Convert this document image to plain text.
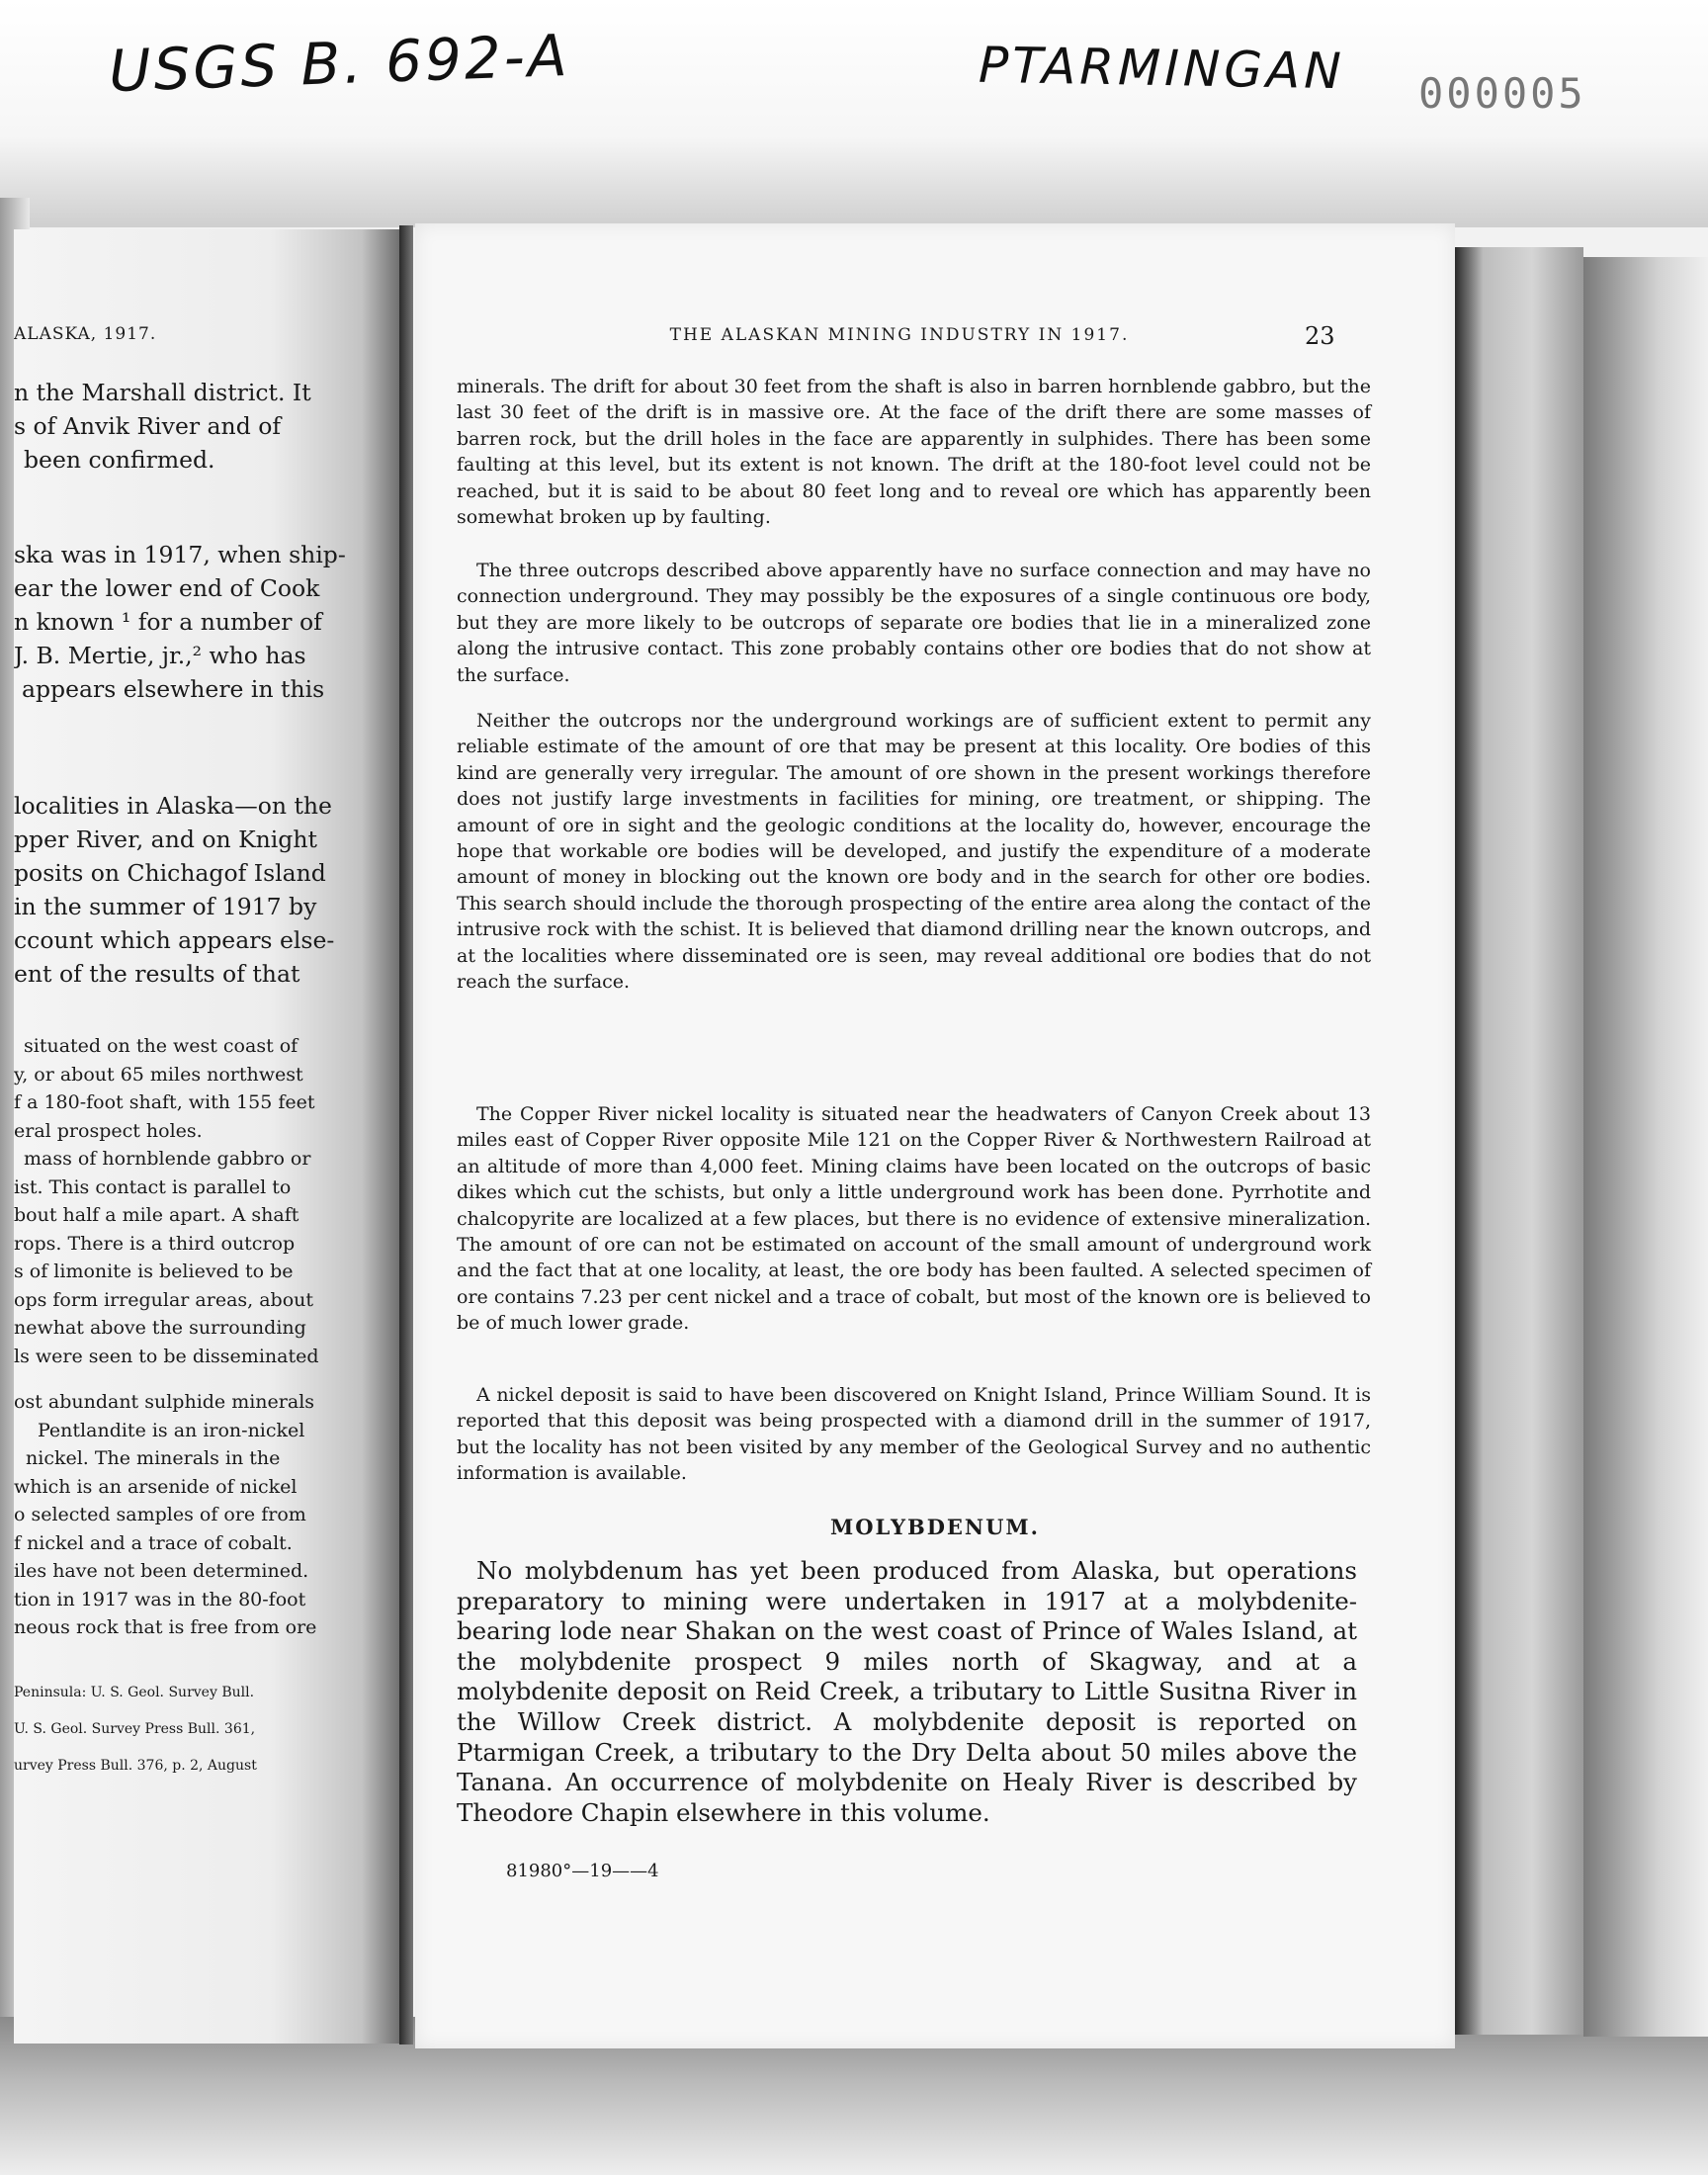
USGS B. 692-A	PTARMINGAN 000005
ALASKA, 1917.
n the Marshall district. It
s of Anvik River and of
been confirmed.
ska was in 1917, when ship-
ear the lower end of Cook
n known ¹ for a number of
J. B. Mertie, jr.,² who has
appears elsewhere in this
localities in Alaska—on the
pper River, and on Knight
posits on Chichagof Island
in the summer of 1917 by
ccount which appears else-
ent of the results of that
situated on the west coast of
y, or about 65 miles northwest
f a 180-foot shaft, with 155 feet
eral prospect holes.
mass of hornblende gabbro or
ist. This contact is parallel to
bout half a mile apart. A shaft
rops. There is a third outcrop
s of limonite is believed to be
ops form irregular areas, about
newhat above the surrounding
ls were seen to be disseminated
ost abundant sulphide minerals
Pentlandite is an iron-nickel
nickel. The minerals in the
which is an arsenide of nickel
o selected samples of ore from
f nickel and a trace of cobalt.
iles have not been determined.
tion in 1917 was in the 80-foot
neous rock that is free from ore
Peninsula: U. S. Geol. Survey Bull.
U. S. Geol. Survey Press Bull. 361,
urvey Press Bull. 376, p. 2, August
THE ALASKAN MINING INDUSTRY IN 1917.	23

minerals. The drift for about 30 feet from the shaft is also in barren hornblende gabbro, but the last 30 feet of the drift is in massive ore. At the face of the drift there are some masses of barren rock, but the drill holes in the face are apparently in sulphides. There has been some faulting at this level, but its extent is not known. The drift at the 180-foot level could not be reached, but it is said to be about 80 feet long and to reveal ore which has apparently been somewhat broken up by faulting.

The three outcrops described above apparently have no surface connection and may have no connection underground. They may possibly be the exposures of a single continuous ore body, but they are more likely to be outcrops of separate ore bodies that lie in a mineralized zone along the intrusive contact. This zone probably contains other ore bodies that do not show at the surface.

Neither the outcrops nor the underground workings are of sufficient extent to permit any reliable estimate of the amount of ore that may be present at this locality. Ore bodies of this kind are generally very irregular. The amount of ore shown in the present workings therefore does not justify large investments in facilities for mining, ore treatment, or shipping. The amount of ore in sight and the geologic conditions at the locality do, however, encourage the hope that workable ore bodies will be developed, and justify the expenditure of a moderate amount of money in blocking out the known ore body and in the search for other ore bodies. This search should include the thorough prospecting of the entire area along the contact of the intrusive rock with the schist. It is believed that diamond drilling near the known outcrops, and at the localities where disseminated ore is seen, may reveal additional ore bodies that do not reach the surface.

The Copper River nickel locality is situated near the headwaters of Canyon Creek about 13 miles east of Copper River opposite Mile 121 on the Copper River & Northwestern Railroad at an altitude of more than 4,000 feet. Mining claims have been located on the outcrops of basic dikes which cut the schists, but only a little underground work has been done. Pyrrhotite and chalcopyrite are localized at a few places, but there is no evidence of extensive mineralization. The amount of ore can not be estimated on account of the small amount of underground work and the fact that at one locality, at least, the ore body has been faulted. A selected specimen of ore contains 7.23 per cent nickel and a trace of cobalt, but most of the known ore is believed to be of much lower grade.

A nickel deposit is said to have been discovered on Knight Island, Prince William Sound. It is reported that this deposit was being prospected with a diamond drill in the summer of 1917, but the locality has not been visited by any member of the Geological Survey and no authentic information is available.

MOLYBDENUM.

No molybdenum has yet been produced from Alaska, but operations preparatory to mining were undertaken in 1917 at a molybdenite-bearing lode near Shakan on the west coast of Prince of Wales Island, at the molybdenite prospect 9 miles north of Skagway, and at a molybdenite deposit on Reid Creek, a tributary to Little Susitna River in the Willow Creek district. A molybdenite deposit is reported on Ptarmigan Creek, a tributary to the Dry Delta about 50 miles above the Tanana. An occurrence of molybdenite on Healy River is described by Theodore Chapin elsewhere in this volume.

81980°—19——4
